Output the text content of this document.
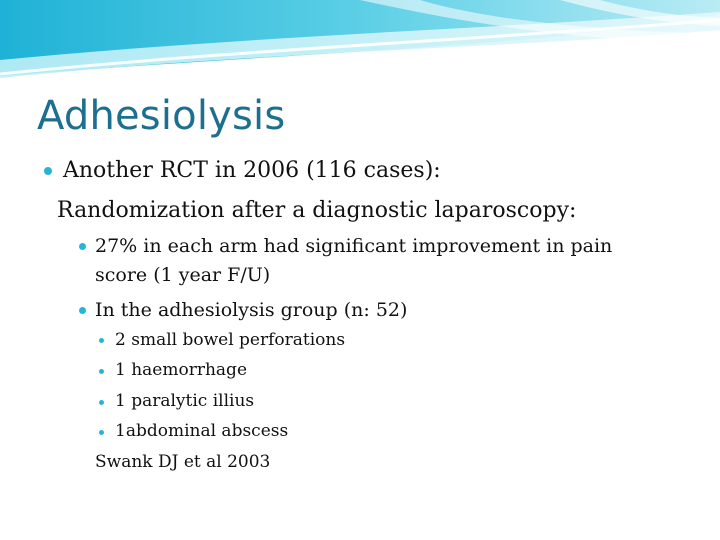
Adhesiolysis
Another RCT in 2006 (116 cases):
Randomization after a diagnostic laparoscopy:
27% in each arm had significant improvement in pain
score (1 year F/U)
In the adhesiolysis group (n: 52)
2 small bowel perforations
1 haemorrhage
1 paralytic illius
1abdominal abscess
Swank DJ et al 2003
